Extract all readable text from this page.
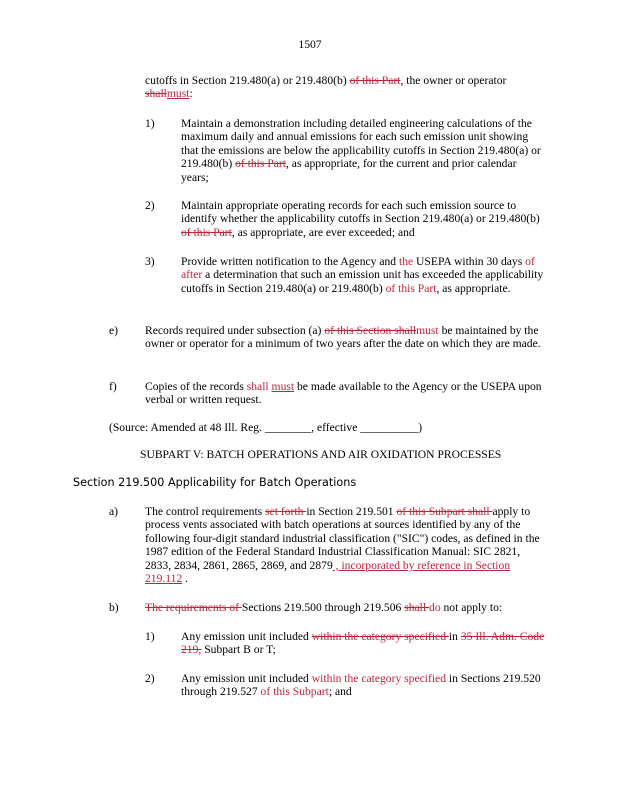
1507
cutoffs in Section 219.480(a) or 219.480(b) of this Part, the owner or operator
shallmust:
1) Maintain a demonstration including detailed engineering calculations of the maximum daily and annual emissions for each such emission unit showing that the emissions are below the applicability cutoffs in Section 219.480(a) or 219.480(b) of this Part, as appropriate, for the current and prior calendar years;
2) Maintain appropriate operating records for each such emission source to identify whether the applicability cutoffs in Section 219.480(a) or 219.480(b) of this Part, as appropriate, are ever exceeded; and
3) Provide written notification to the Agency and the USEPA within 30 days of after a determination that such an emission unit has exceeded the applicability cutoffs in Section 219.480(a) or 219.480(b) of this Part, as appropriate.
e) Records required under subsection (a) of this Section shallmust be maintained by the owner or operator for a minimum of two years after the date on which they are made.
f) Copies of the records shall must be made available to the Agency or the USEPA upon verbal or written request.
(Source: Amended at 48 Ill. Reg. ________, effective __________)
SUBPART V: BATCH OPERATIONS AND AIR OXIDATION PROCESSES
Section 219.500 Applicability for Batch Operations
a) The control requirements set forth in Section 219.501 of this Subpart shall apply to process vents associated with batch operations at sources identified by any of the following four-digit standard industrial classification ("SIC") codes, as defined in the 1987 edition of the Federal Standard Industrial Classification Manual: SIC 2821, 2833, 2834, 2861, 2865, 2869, and 2879 , incorporated by reference in Section 219.112 .
b) The requirements of Sections 219.500 through 219.506 shall do not apply to:
1) Any emission unit included within the category specified in 35 Ill. Adm. Code 219, Subpart B or T;
2) Any emission unit included within the category specified in Sections 219.520 through 219.527 of this Subpart; and
